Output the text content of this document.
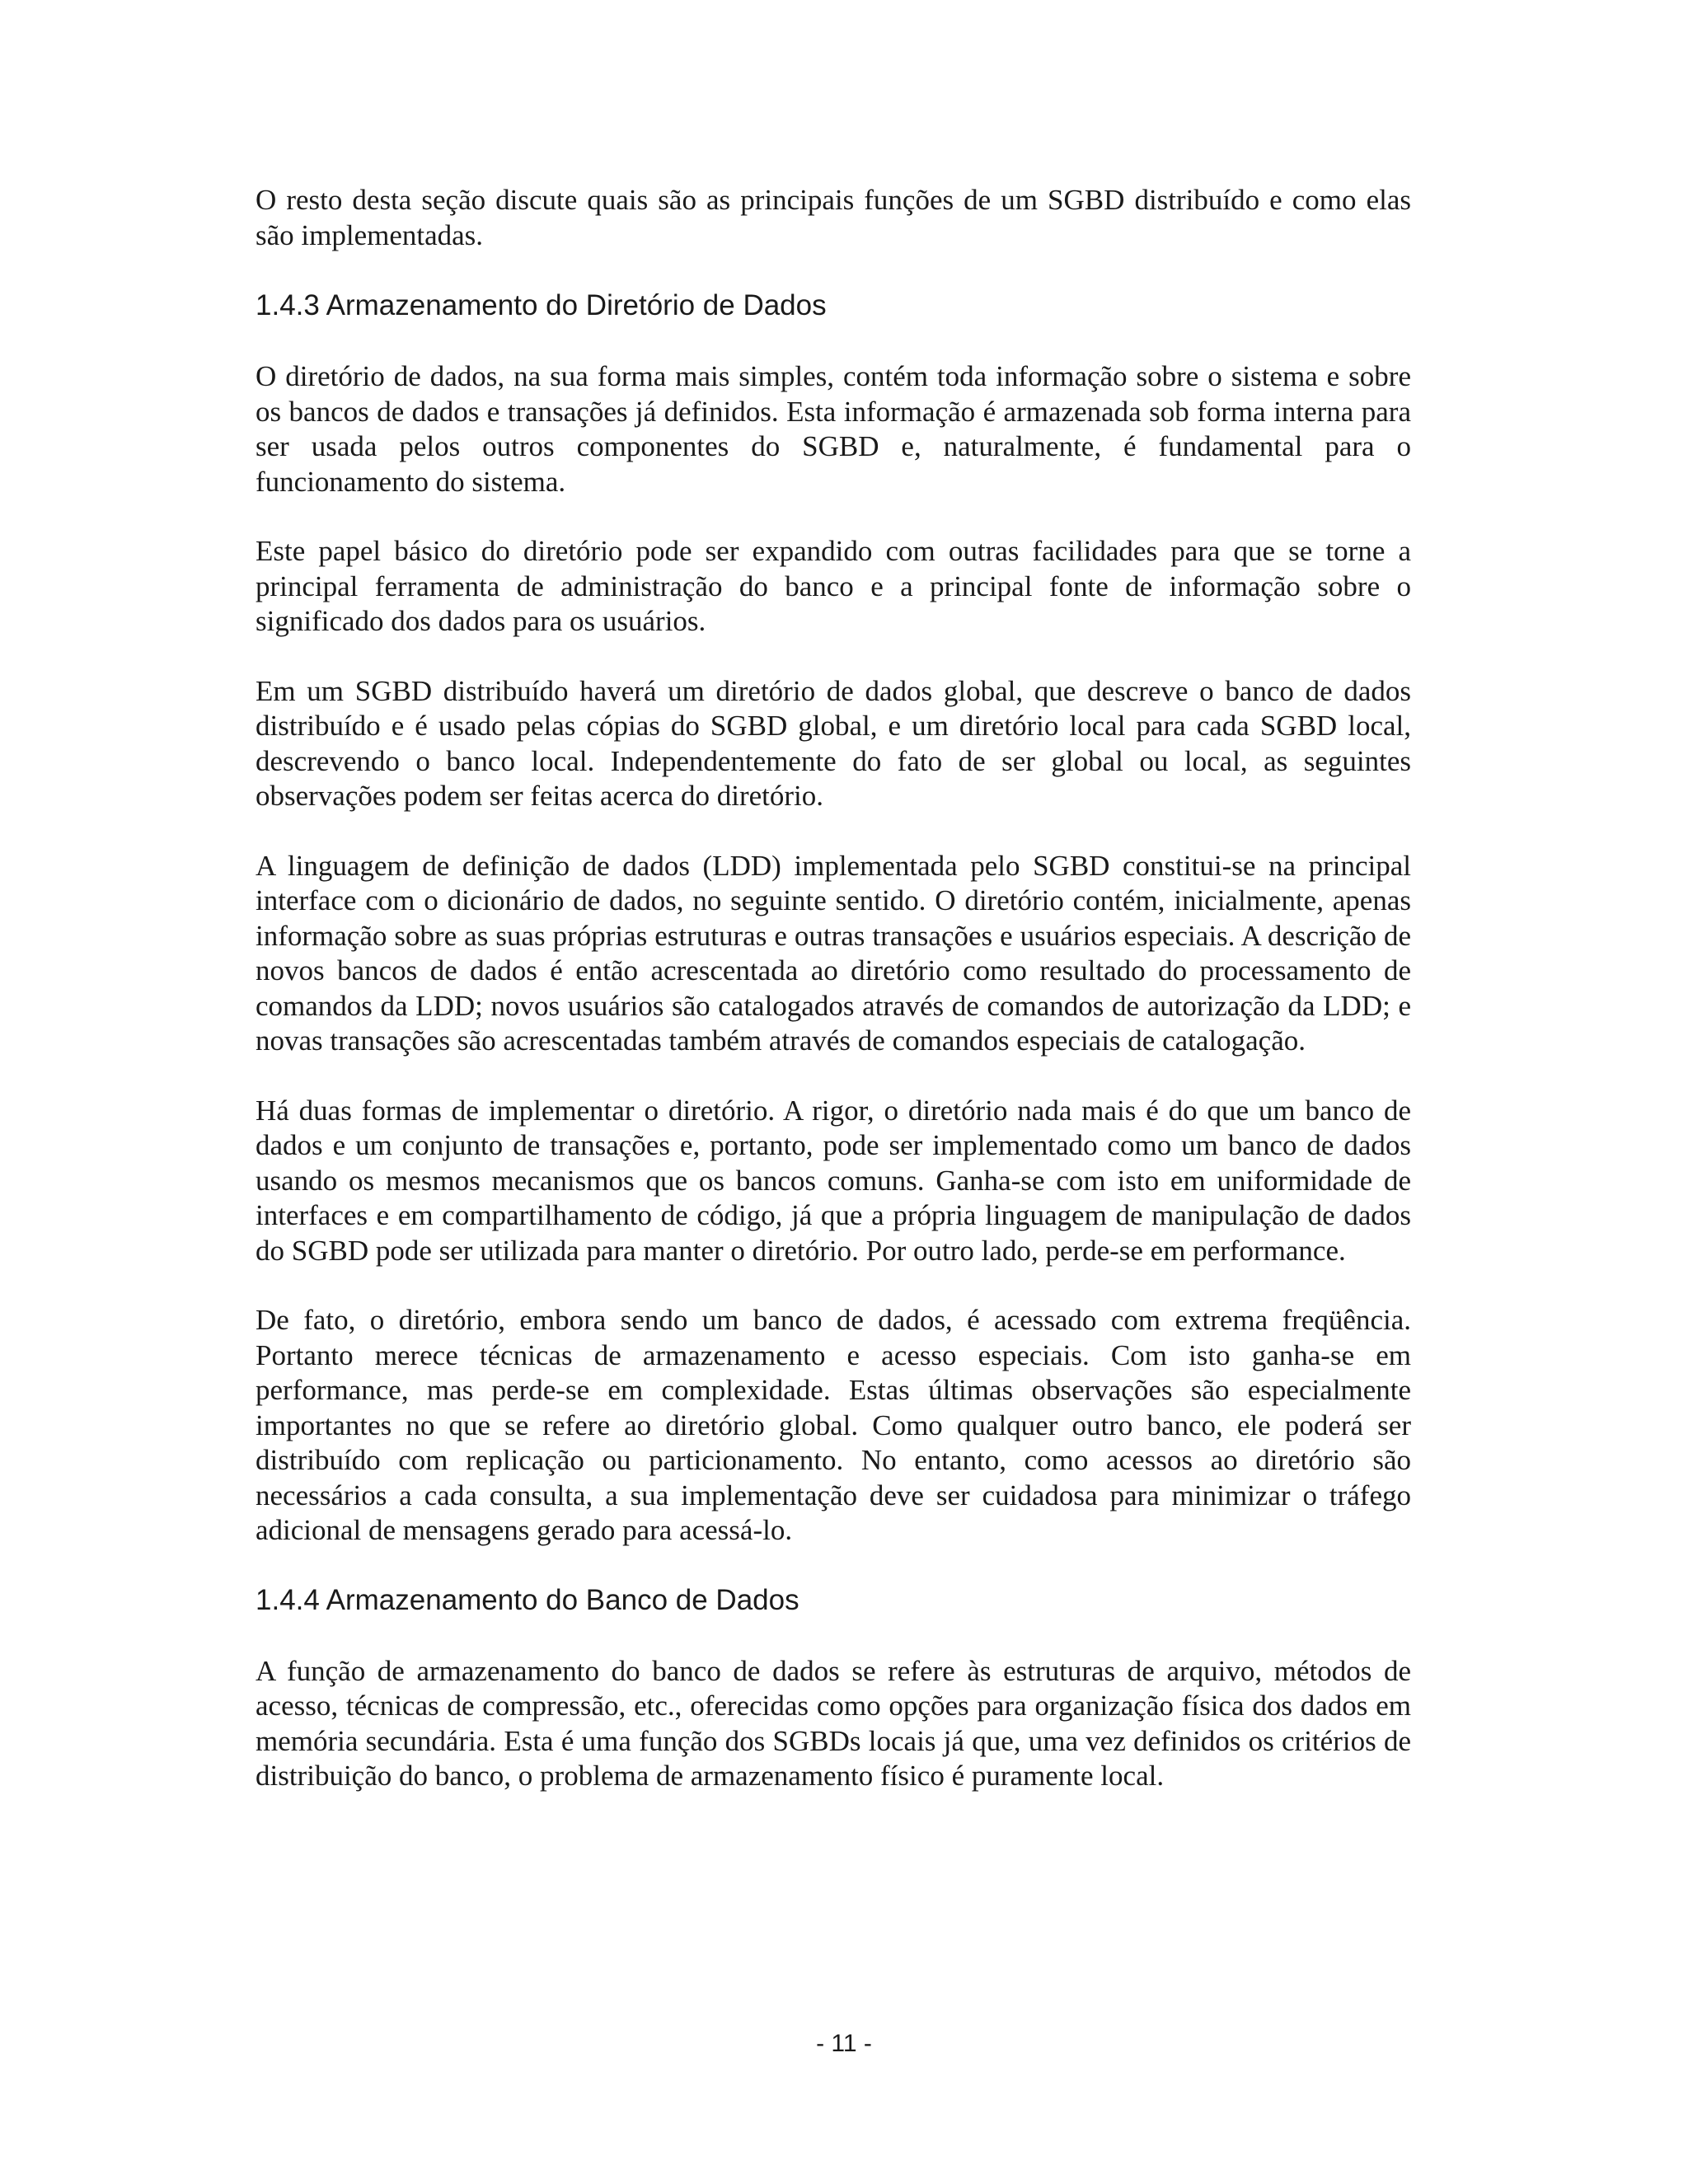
O resto desta seção discute quais são as principais funções de um SGBD distribuído e como elas são implementadas.

1.4.3 Armazenamento do Diretório de Dados

O diretório de dados, na sua forma mais simples, contém toda informação sobre o sistema e sobre os bancos de dados e transações já definidos. Esta informação é armazenada sob forma interna para ser usada pelos outros componentes do SGBD e, naturalmente, é fundamental para o funcionamento do sistema.

Este papel básico do diretório pode ser expandido com outras facilidades para que se torne a principal ferramenta de administração do banco e a principal fonte de informação sobre o significado dos dados para os usuários.

Em um SGBD distribuído haverá um diretório de dados global, que descreve o banco de dados distribuído e é usado pelas cópias do SGBD global, e um diretório local para cada SGBD local, descrevendo o banco local. Independentemente do fato de ser global ou local, as seguintes observações podem ser feitas acerca do diretório.

A linguagem de definição de dados (LDD) implementada pelo SGBD constitui-se na principal interface com o dicionário de dados, no seguinte sentido. O diretório contém, inicialmente, apenas informação sobre as suas próprias estruturas e outras transações e usuários especiais. A descrição de novos bancos de dados é então acrescentada ao diretório como resultado do processamento de comandos da LDD; novos usuários são catalogados através de comandos de autorização da LDD; e novas transações são acrescentadas também através de comandos especiais de catalogação.

Há duas formas de implementar o diretório. A rigor, o diretório nada mais é do que um banco de dados e um conjunto de transações e, portanto, pode ser implementado como um banco de dados usando os mesmos mecanismos que os bancos comuns. Ganha-se com isto em uniformidade de interfaces e em compartilhamento de código, já que a própria linguagem de manipulação de dados do SGBD pode ser utilizada para manter o diretório. Por outro lado, perde-se em performance.

De fato, o diretório, embora sendo um banco de dados, é acessado com extrema freqüência. Portanto merece técnicas de armazenamento e acesso especiais. Com isto ganha-se em performance, mas perde-se em complexidade. Estas últimas observações são especialmente importantes no que se refere ao diretório global. Como qualquer outro banco, ele poderá ser distribuído com replicação ou particionamento. No entanto, como acessos ao diretório são necessários a cada consulta, a sua implementação deve ser cuidadosa para minimizar o tráfego adicional de mensagens gerado para acessá-lo.

1.4.4 Armazenamento do Banco de Dados

A função de armazenamento do banco de dados se refere às estruturas de arquivo, métodos de acesso, técnicas de compressão, etc., oferecidas como opções para organização física dos dados em memória secundária. Esta é uma função dos SGBDs locais já que, uma vez definidos os critérios de distribuição do banco, o problema de armazenamento físico é puramente local.

- 11 -
